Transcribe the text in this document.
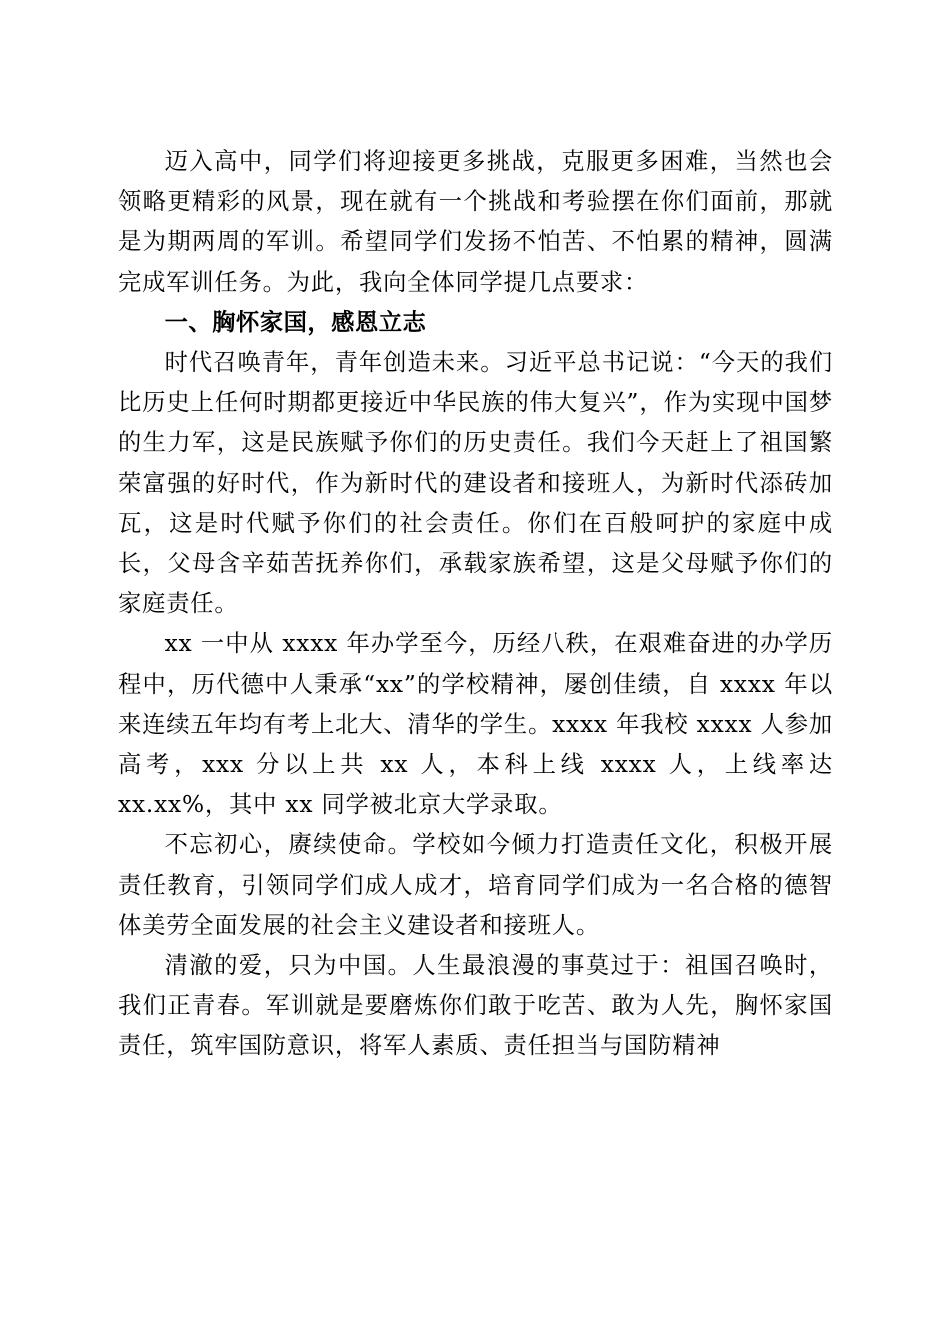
迈入高中，同学们将迎接更多挑战，克服更多困难，当然也会领略更精彩的风景，现在就有一个挑战和考验摆在你们面前，那就是为期两周的军训。希望同学们发扬不怕苦、不怕累的精神，圆满完成军训任务。为此，我向全体同学提几点要求：

一、胸怀家国，感恩立志

时代召唤青年，青年创造未来。习近平总书记说：“今天的我们比历史上任何时期都更接近中华民族的伟大复兴”，作为实现中国梦的生力军，这是民族赋予你们的历史责任。我们今天赶上了祖国繁荣富强的好时代，作为新时代的建设者和接班人，为新时代添砖加瓦，这是时代赋予你们的社会责任。你们在百般呵护的家庭中成长，父母含辛茹苦抚养你们，承载家族希望，这是父母赋予你们的家庭责任。

xx 一中从 xxxx 年办学至今，历经八秩，在艰难奋进的办学历程中，历代德中人秉承“xx”的学校精神，屡创佳绩，自 xxxx 年以来连续五年均有考上北大、清华的学生。xxxx 年我校 xxxx 人参加高考，xxx 分以上共 xx 人，本科上线 xxxx 人，上线率达 xx.xx%，其中 xx 同学被北京大学录取。

不忘初心，赓续使命。学校如今倾力打造责任文化，积极开展责任教育，引领同学们成人成才，培育同学们成为一名合格的德智体美劳全面发展的社会主义建设者和接班人。

清澈的爱，只为中国。人生最浪漫的事莫过于：祖国召唤时，我们正青春。军训就是要磨炼你们敢于吃苦、敢为人先，胸怀家国责任，筑牢国防意识，将军人素质、责任担当与国防精神
